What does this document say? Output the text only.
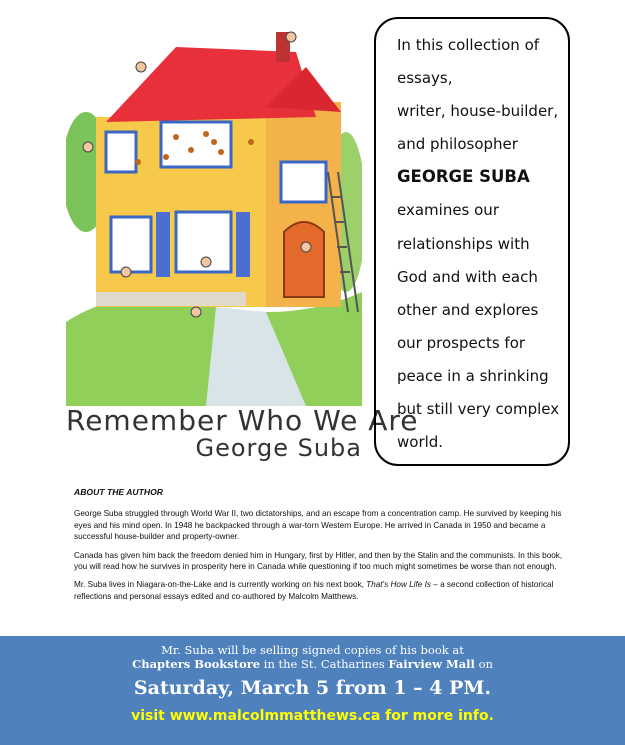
Remember Who We Are
George Suba
In this collection of
essays,
writer, house-builder,
and philosopher
GEORGE SUBA
examines our
relationships with
God and with each
other and explores
our prospects for
peace in a shrinking
but still very complex
world.
ABOUT THE AUTHOR

George Suba struggled through World War II, two dictatorships, and an escape from a concentration camp. He survived by keeping his eyes and his mind open. In 1948 he backpacked through a war-torn Western Europe. He arrived in Canada in 1950 and became a successful house-builder and property-owner.

Canada has given him back the freedom denied him in Hungary, first by Hitler, and then by the Stalin and the communists. In this book, you will read how he survives in prosperity here in Canada while questioning if too much might sometimes be worse than not enough.

Mr. Suba lives in Niagara-on-the-Lake and is currently working on his next book, That's How Life Is – a second collection of historical reflections and personal essays edited and co-authored by Malcolm Matthews.

Mr. Suba will be selling signed copies of his book at
Chapters Bookstore in the St. Catharines Fairview Mall on
Saturday, March 5 from 1 – 4 PM.
visit www.malcolmmatthews.ca for more info.
